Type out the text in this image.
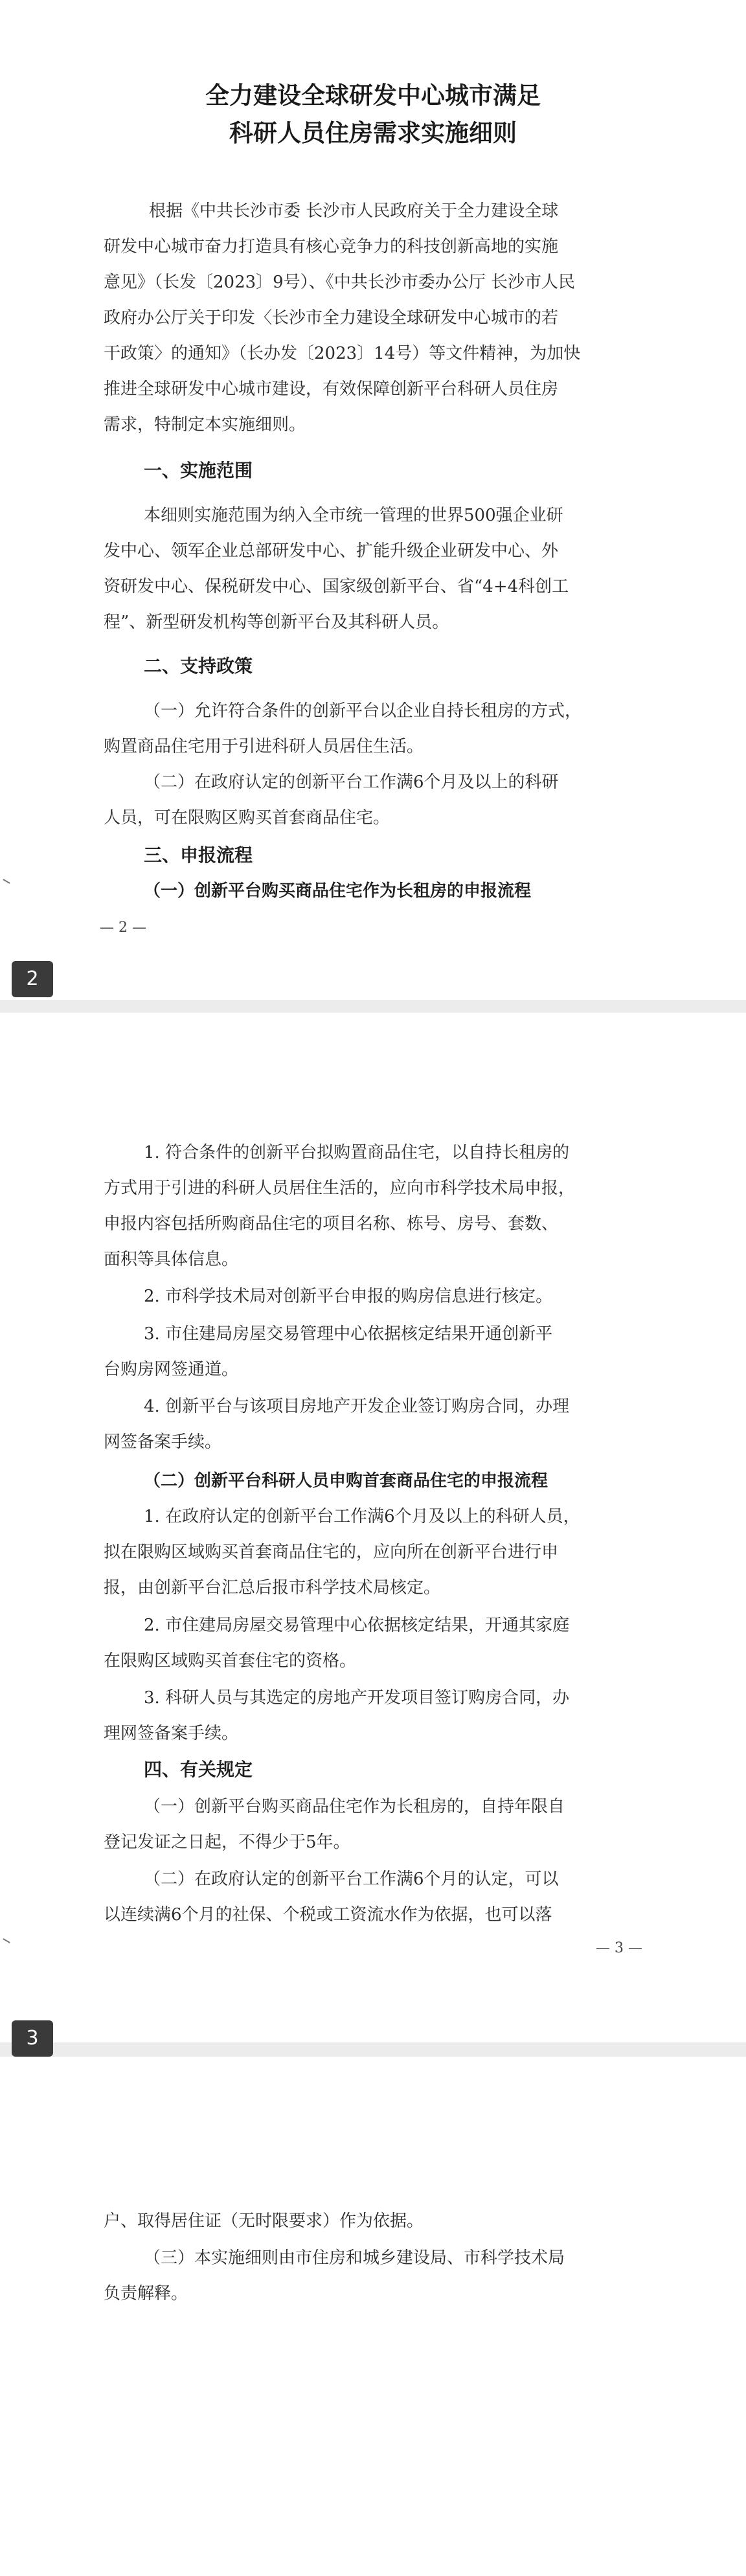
全力建设全球研发中心城市满足
科研人员住房需求实施细则

根据《中共长沙市委 长沙市人民政府关于全力建设全球

研发中心城市奋力打造具有核心竞争力的科技创新高地的实施

意见》（长发〔2023〕9号）、《中共长沙市委办公厅 长沙市人民

政府办公厅关于印发〈长沙市全力建设全球研发中心城市的若

干政策〉的通知》（长办发〔2023〕14号）等文件精神，为加快

推进全球研发中心城市建设，有效保障创新平台科研人员住房

需求，特制定本实施细则。

一、实施范围

本细则实施范围为纳入全市统一管理的世界500强企业研

发中心、领军企业总部研发中心、扩能升级企业研发中心、外

资研发中心、保税研发中心、国家级创新平台、省“4+4科创工

程”、新型研发机构等创新平台及其科研人员。

二、支持政策

（一）允许符合条件的创新平台以企业自持长租房的方式，

购置商品住宅用于引进科研人员居住生活。

（二）在政府认定的创新平台工作满6个月及以上的科研

人员，可在限购区购买首套商品住宅。

三、申报流程
（一）创新平台购买商品住宅作为长租房的申报流程
— 2 —
2

1. 符合条件的创新平台拟购置商品住宅，以自持长租房的

方式用于引进的科研人员居住生活的，应向市科学技术局申报，

申报内容包括所购商品住宅的项目名称、栋号、房号、套数、

面积等具体信息。

2. 市科学技术局对创新平台申报的购房信息进行核定。

3. 市住建局房屋交易管理中心依据核定结果开通创新平

台购房网签通道。

4. 创新平台与该项目房地产开发企业签订购房合同，办理

网签备案手续。

（二）创新平台科研人员申购首套商品住宅的申报流程

1. 在政府认定的创新平台工作满6个月及以上的科研人员，

拟在限购区域购买首套商品住宅的，应向所在创新平台进行申

报，由创新平台汇总后报市科学技术局核定。

2. 市住建局房屋交易管理中心依据核定结果，开通其家庭

在限购区域购买首套住宅的资格。

3. 科研人员与其选定的房地产开发项目签订购房合同，办

理网签备案手续。

四、有关规定

（一）创新平台购买商品住宅作为长租房的，自持年限自

登记发证之日起，不得少于5年。

（二）在政府认定的创新平台工作满6个月的认定，可以

以连续满6个月的社保、个税或工资流水作为依据，也可以落

— 3 —
3

户、取得居住证（无时限要求）作为依据。

（三）本实施细则由市住房和城乡建设局、市科学技术局

负责解释。
